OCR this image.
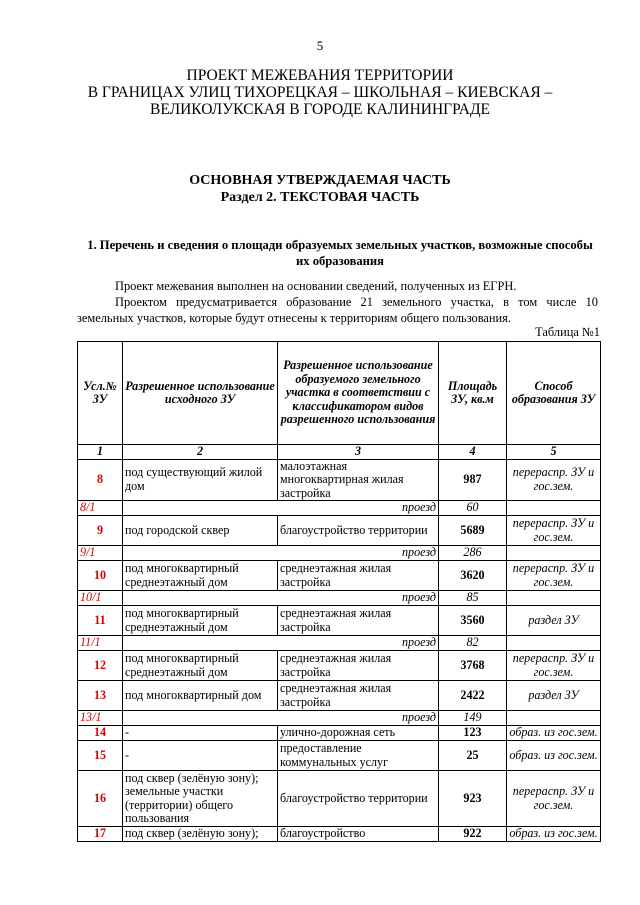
5
ПРОЕКТ МЕЖЕВАНИЯ ТЕРРИТОРИИ
В ГРАНИЦАХ УЛИЦ ТИХОРЕЦКАЯ – ШКОЛЬНАЯ – КИЕВСКАЯ –
ВЕЛИКОЛУКСКАЯ В ГОРОДЕ КАЛИНИНГРАДЕ
ОСНОВНАЯ УТВЕРЖДАЕМАЯ ЧАСТЬ
Раздел 2. ТЕКСТОВАЯ ЧАСТЬ
1. Перечень и сведения о площади образуемых земельных участков, возможные способы их образования
Проект межевания выполнен на основании сведений, полученных из ЕГРН.
Проектом предусматривается образование 21 земельного участка, в том числе 10 земельных участков, которые будут отнесены к территориям общего пользования.
Таблица №1
Усл.№ ЗУ	Разрешенное использование исходного ЗУ	Разрешенное использование образуемого земельного участка в соответствии с классификатором видов разрешенного использования	Площадь ЗУ, кв.м	Способ образования ЗУ
1	2	3	4	5
8	под существующий жилой дом	малоэтажная многоквартирная жилая застройка	987	перераспр. ЗУ и гос.зем.
8/1	проезд		60	
9	под городской сквер	благоустройство территории	5689	перераспр. ЗУ и гос.зем.
9/1	проезд		286	
10	под многоквартирный среднеэтажный дом	среднеэтажная жилая застройка	3620	перераспр. ЗУ и гос.зем.
10/1	проезд		85	
11	под многоквартирный среднеэтажный дом	среднеэтажная жилая застройка	3560	раздел ЗУ
11/1	проезд		82	
12	под многоквартирный среднеэтажный дом	среднеэтажная жилая застройка	3768	перераспр. ЗУ и гос.зем.
13	под многоквартирный дом	среднеэтажная жилая застройка	2422	раздел ЗУ
13/1	проезд		149	
14	-	улично-дорожная сеть	123	образ. из гос.зем.
15	-	предоставление коммунальных услуг	25	образ. из гос.зем.
16	под сквер (зелёную зону); земельные участки (территории) общего пользования	благоустройство территории	923	перераспр. ЗУ и гос.зем.
17	под сквер (зелёную зону);	благоустройство	922	образ. из гос.зем.
